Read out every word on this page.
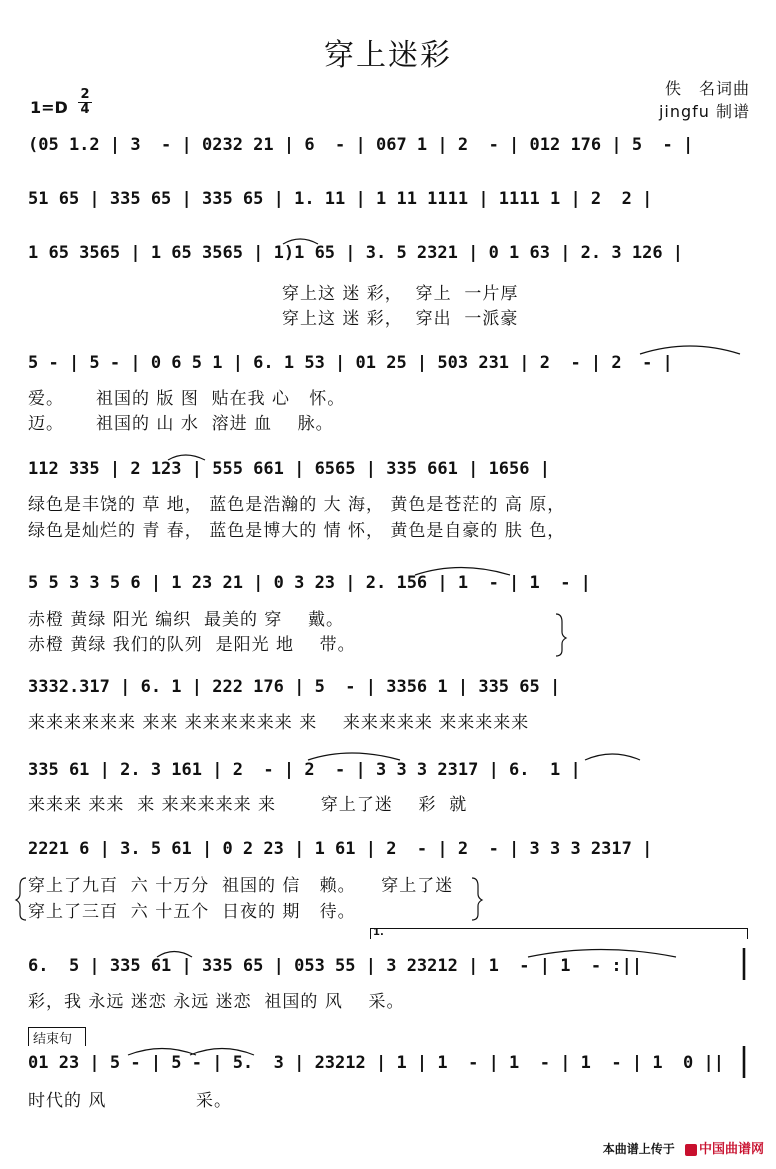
穿上迷彩
佚　名词曲
jingfu 制谱
1=D
2
4
(05 1.2 | 3  - | 0232 21 | 6  - | 067 1 | 2  - | 012 176 | 5  - |
51 65 | 335 65 | 335 65 | 1. 11 | 1 11 1111 | 1111 1 | 2  2 |
1 65 3565 | 1 65 3565 | 1)1 65 | 3. 5 2321 | 0 1 63 | 2. 3 126 |
穿上这 迷 彩，  穿上  一片厚
穿上这 迷 彩，  穿出  一派豪
5 - | 5 - | 0 6 5 1 | 6. 1 53 | 01 25 | 503 231 | 2  - | 2  - |
爱。     祖国的 版 图  贴在我 心   怀。
迈。     祖国的 山 水  溶进 血    脉。
112 335 | 2 123 | 555 661 | 6565 | 335 661 | 1656 |
绿色是丰饶的 草 地， 蓝色是浩瀚的 大 海， 黄色是苍茫的 高 原，
绿色是灿烂的 青 春， 蓝色是博大的 情 怀， 黄色是自豪的 肤 色，
5 5 3 3 5 6 | 1 23 21 | 0 3 23 | 2. 156 | 1  - | 1  - |
赤橙 黄绿 阳光 编织  最美的 穿    戴。
赤橙 黄绿 我们的队列  是阳光 地    带。
3332.317 | 6. 1 | 222 176 | 5  - | 3356 1 | 335 65 |
来来来来来来 来来 来来来来来来 来    来来来来来 来来来来来
335 61 | 2. 3 161 | 2  - | 2  - | 3 3 3 2317 | 6.  1 |
来来来 来来  来 来来来来来 来       穿上了迷    彩  就
2221 6 | 3. 5 61 | 0 2 23 | 1 61 | 2  - | 2  - | 3 3 3 2317 |
穿上了九百  六 十万分  祖国的 信   赖。    穿上了迷
穿上了三百  六 十五个  日夜的 期   待。
1.
6.  5 | 335 61 | 335 65 | 053 55 | 3 23212 | 1  - | 1  - :||
彩，我 永远 迷恋 永远 迷恋  祖国的 风    采。
结束句
01 23 | 5 - | 5 - | 5.  3 | 23212 | 1 | 1  - | 1  - | 1  - | 1  0 ||
时代的 风              采。
本曲谱上传于 中国曲谱网
